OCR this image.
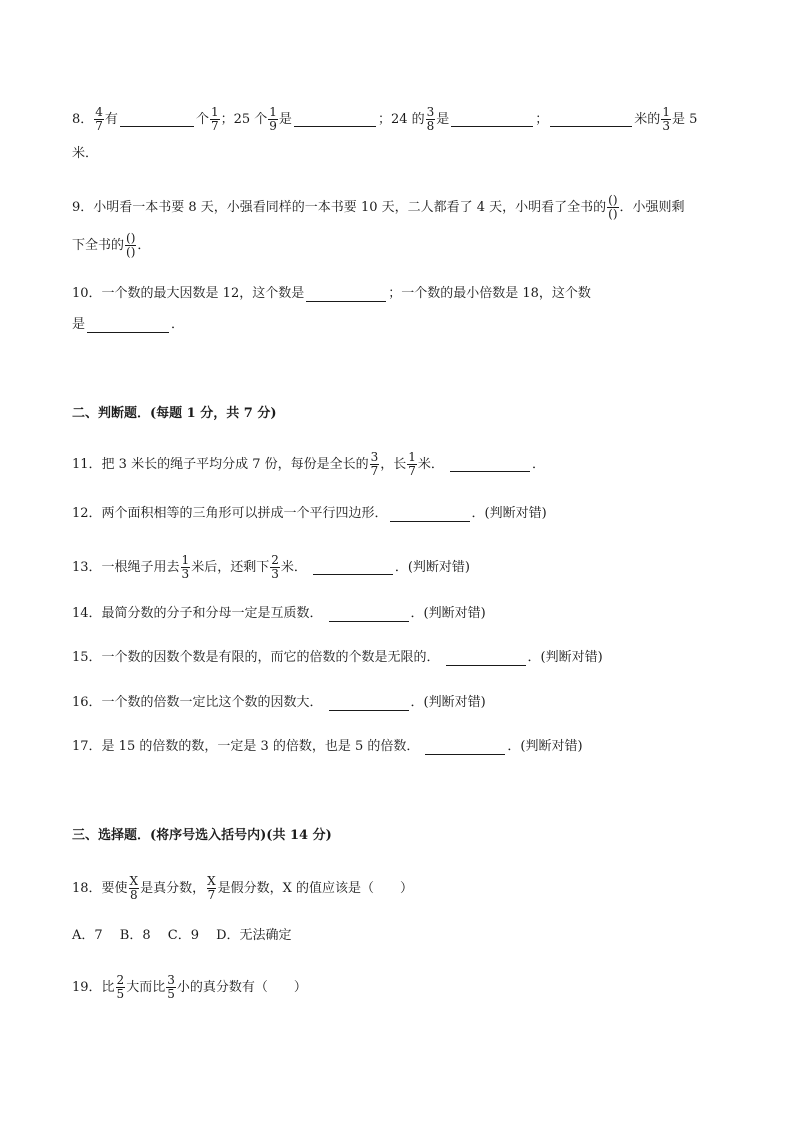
8． $\frac{4}{7}$ 有	个 $\frac{1}{7}$ ；25 个 $\frac{1}{9}$ 是	；24 的 $\frac{3}{8}$ 是	；	米的 $\frac{1}{3}$ 是 5
米．
9．小明看一本书要 8 天，小强看同样的一本书要 10 天，二人都看了 4 天，小明看了全书的 $\frac{()}{()}$ ．小强则剩
下全书的 $\frac{()}{()}$ ．
10．一个数的最大因数是 12，这个数是	；一个数的最小倍数是 18，这个数
是	．
二、判断题．(每题 1 分，共 7 分)
11．把 3 米长的绳子平均分成 7 份，每份是全长的 $\frac{3}{7}$ ，长 $\frac{1}{7}$ 米．	．
12．两个面积相等的三角形可以拼成一个平行四边形．	．(判断对错)
13．一根绳子用去 $\frac{1}{3}$ 米后，还剩下 $\frac{2}{3}$ 米．	．(判断对错)
14．最简分数的分子和分母一定是互质数．	．(判断对错)
15．一个数的因数个数是有限的，而它的倍数的个数是无限的．	．(判断对错)
16．一个数的倍数一定比这个数的因数大．	．(判断对错)
17．是 15 的倍数的数，一定是 3 的倍数，也是 5 的倍数．	．(判断对错)
三、选择题．(将序号选入括号内)(共 14 分)
18．要使 $\frac{X}{8}$ 是真分数， $\frac{X}{7}$ 是假分数，X 的值应该是（　　）
A．7　 B．8　 C．9　 D．无法确定
19．比 $\frac{2}{5}$ 大而比 $\frac{3}{5}$ 小的真分数有（　　）
